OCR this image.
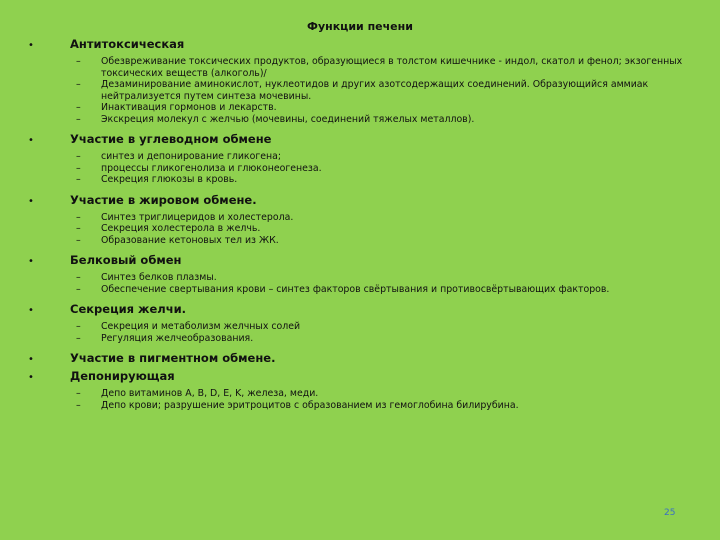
Функции печени
•	Антитоксическая
–	Обезвреживание токсических продуктов, образующиеся в толстом кишечнике - индол, скатол и фенол; экзогенных токсических веществ (алкоголь)/
–	Дезаминирование аминокислот, нуклеотидов и других азотсодержащих соединений. Образующийся аммиак нейтрализуется путем синтеза мочевины.
–	Инактивация гормонов и лекарств.
–	Экскреция молекул с желчью (мочевины, соединений тяжелых металлов).
•	Участие в углеводном обмене
–	синтез и депонирование гликогена;
–	процессы гликогенолиза и глюконеогенеза.
–	Секреция глюкозы в кровь.
•	Участие в жировом обмене.
–	Синтез триглицеридов и холестерола.
–	Секреция холестерола в желчь.
–	Образование кетоновых тел из ЖК.
•	Белковый обмен
–	Синтез белков плазмы.
–	Обеспечение свертывания крови – синтез факторов свёртывания и противосвёртывающих факторов.
•	Секреция желчи.
–	Секреция и метаболизм желчных солей
–	Регуляция желчеобразования.
•	Участие в пигментном обмене.
•	Депонирующая
–	Депо витаминов A, B, D, E, K, железа, меди.
–	Депо крови; разрушение эритроцитов с образованием из гемоглобина билирубина.
25
